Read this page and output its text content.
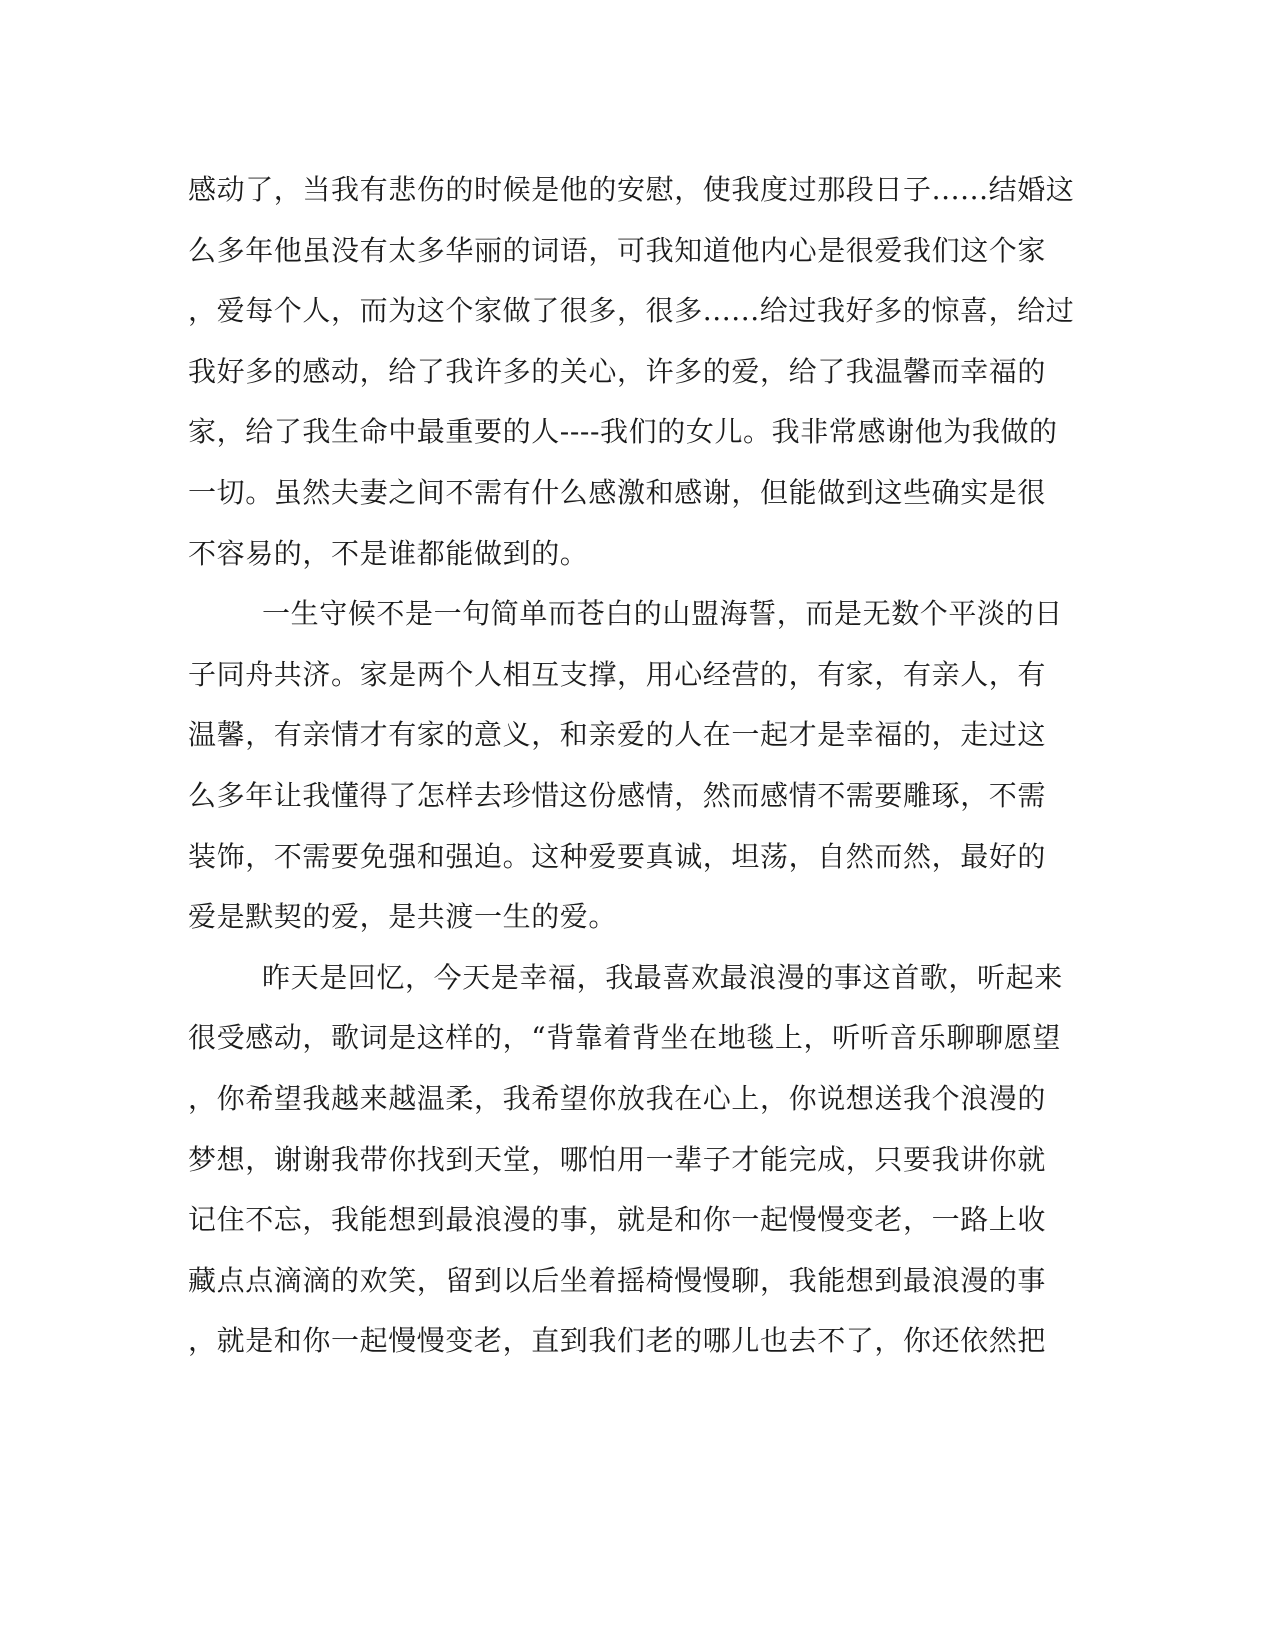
感动了，当我有悲伤的时候是他的安慰，使我度过那段日子......结婚这
么多年他虽没有太多华丽的词语，可我知道他内心是很爱我们这个家
，爱每个人，而为这个家做了很多，很多......给过我好多的惊喜，给过
我好多的感动，给了我许多的关心，许多的爱，给了我温馨而幸福的
家，给了我生命中最重要的人----我们的女儿。我非常感谢他为我做的
一切。虽然夫妻之间不需有什么感激和感谢，但能做到这些确实是很
不容易的，不是谁都能做到的。
一生守候不是一句简单而苍白的山盟海誓，而是无数个平淡的日
子同舟共济。家是两个人相互支撑，用心经营的，有家，有亲人，有
温馨，有亲情才有家的意义，和亲爱的人在一起才是幸福的，走过这
么多年让我懂得了怎样去珍惜这份感情，然而感情不需要雕琢，不需
装饰，不需要免强和强迫。这种爱要真诚，坦荡，自然而然，最好的
爱是默契的爱，是共渡一生的爱。
昨天是回忆，今天是幸福，我最喜欢最浪漫的事这首歌，听起来
很受感动，歌词是这样的，“背靠着背坐在地毯上，听听音乐聊聊愿望
，你希望我越来越温柔，我希望你放我在心上，你说想送我个浪漫的
梦想，谢谢我带你找到天堂，哪怕用一辈子才能完成，只要我讲你就
记住不忘，我能想到最浪漫的事，就是和你一起慢慢变老，一路上收
藏点点滴滴的欢笑，留到以后坐着摇椅慢慢聊，我能想到最浪漫的事
，就是和你一起慢慢变老，直到我们老的哪儿也去不了，你还依然把
